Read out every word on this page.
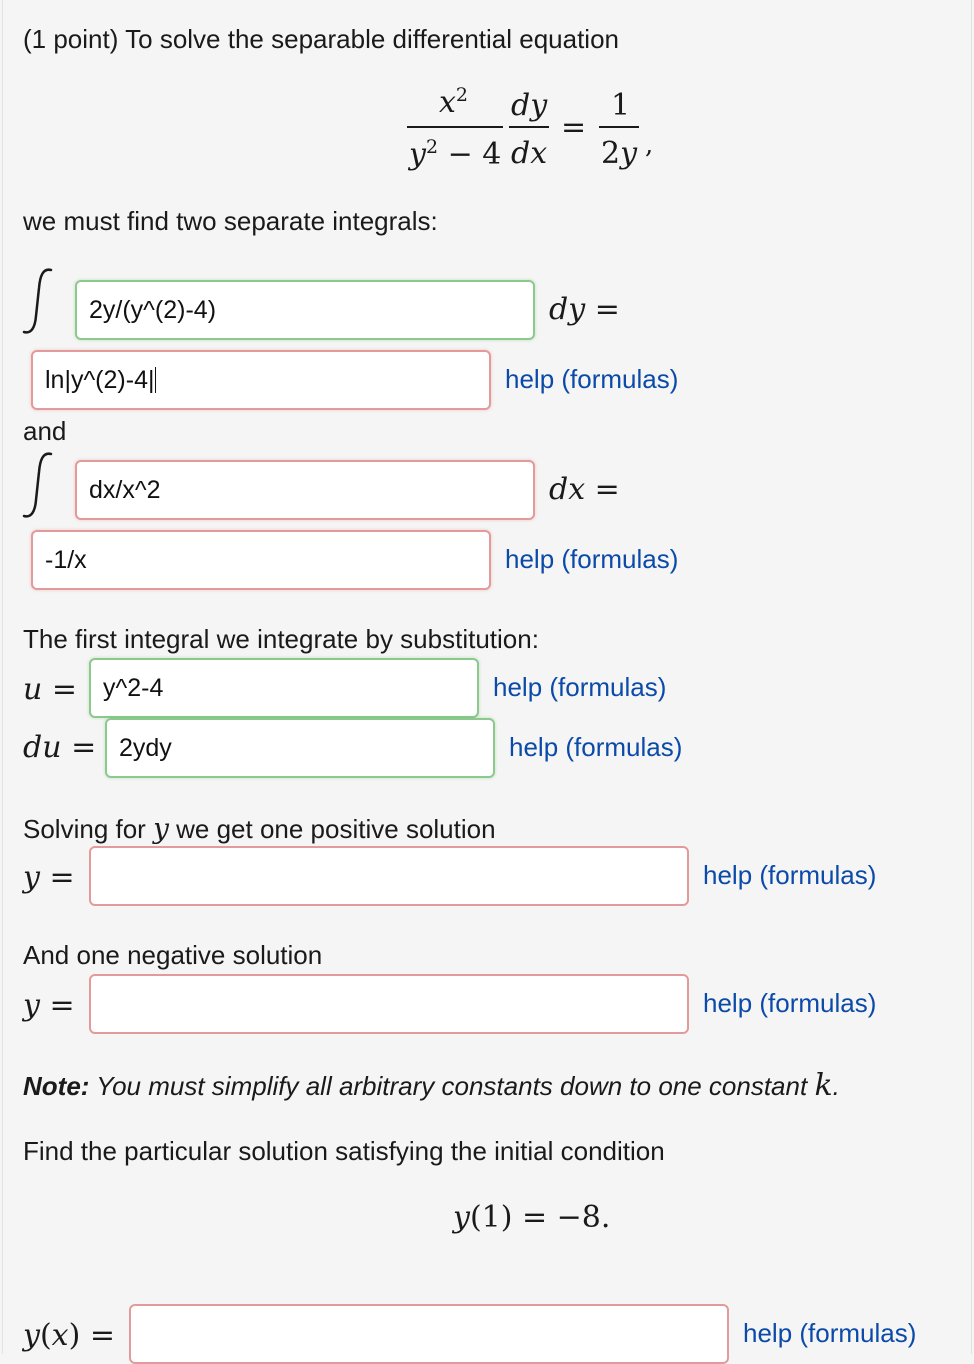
(1 point) To solve the separable differential equation
$x^2$
$y^2 - 4$
dy
dx
=
1
2y ,
we must find two separate integrals:
2y/(y^(2)-4)	dy =
ln|y^(2)-4|	help (formulas)
and
dx/x^2	dx =
-1/x	help (formulas)
The first integral we integrate by substitution:
u = y^2-4	help (formulas)
du = 2ydy	help (formulas)
Solving for y we get one positive solution
y =	help (formulas)
And one negative solution
y =	help (formulas)
Note: You must simplify all arbitrary constants down to one constant k.
Find the particular solution satisfying the initial condition
y(1) = −8.
y(x) =	help (formulas)
